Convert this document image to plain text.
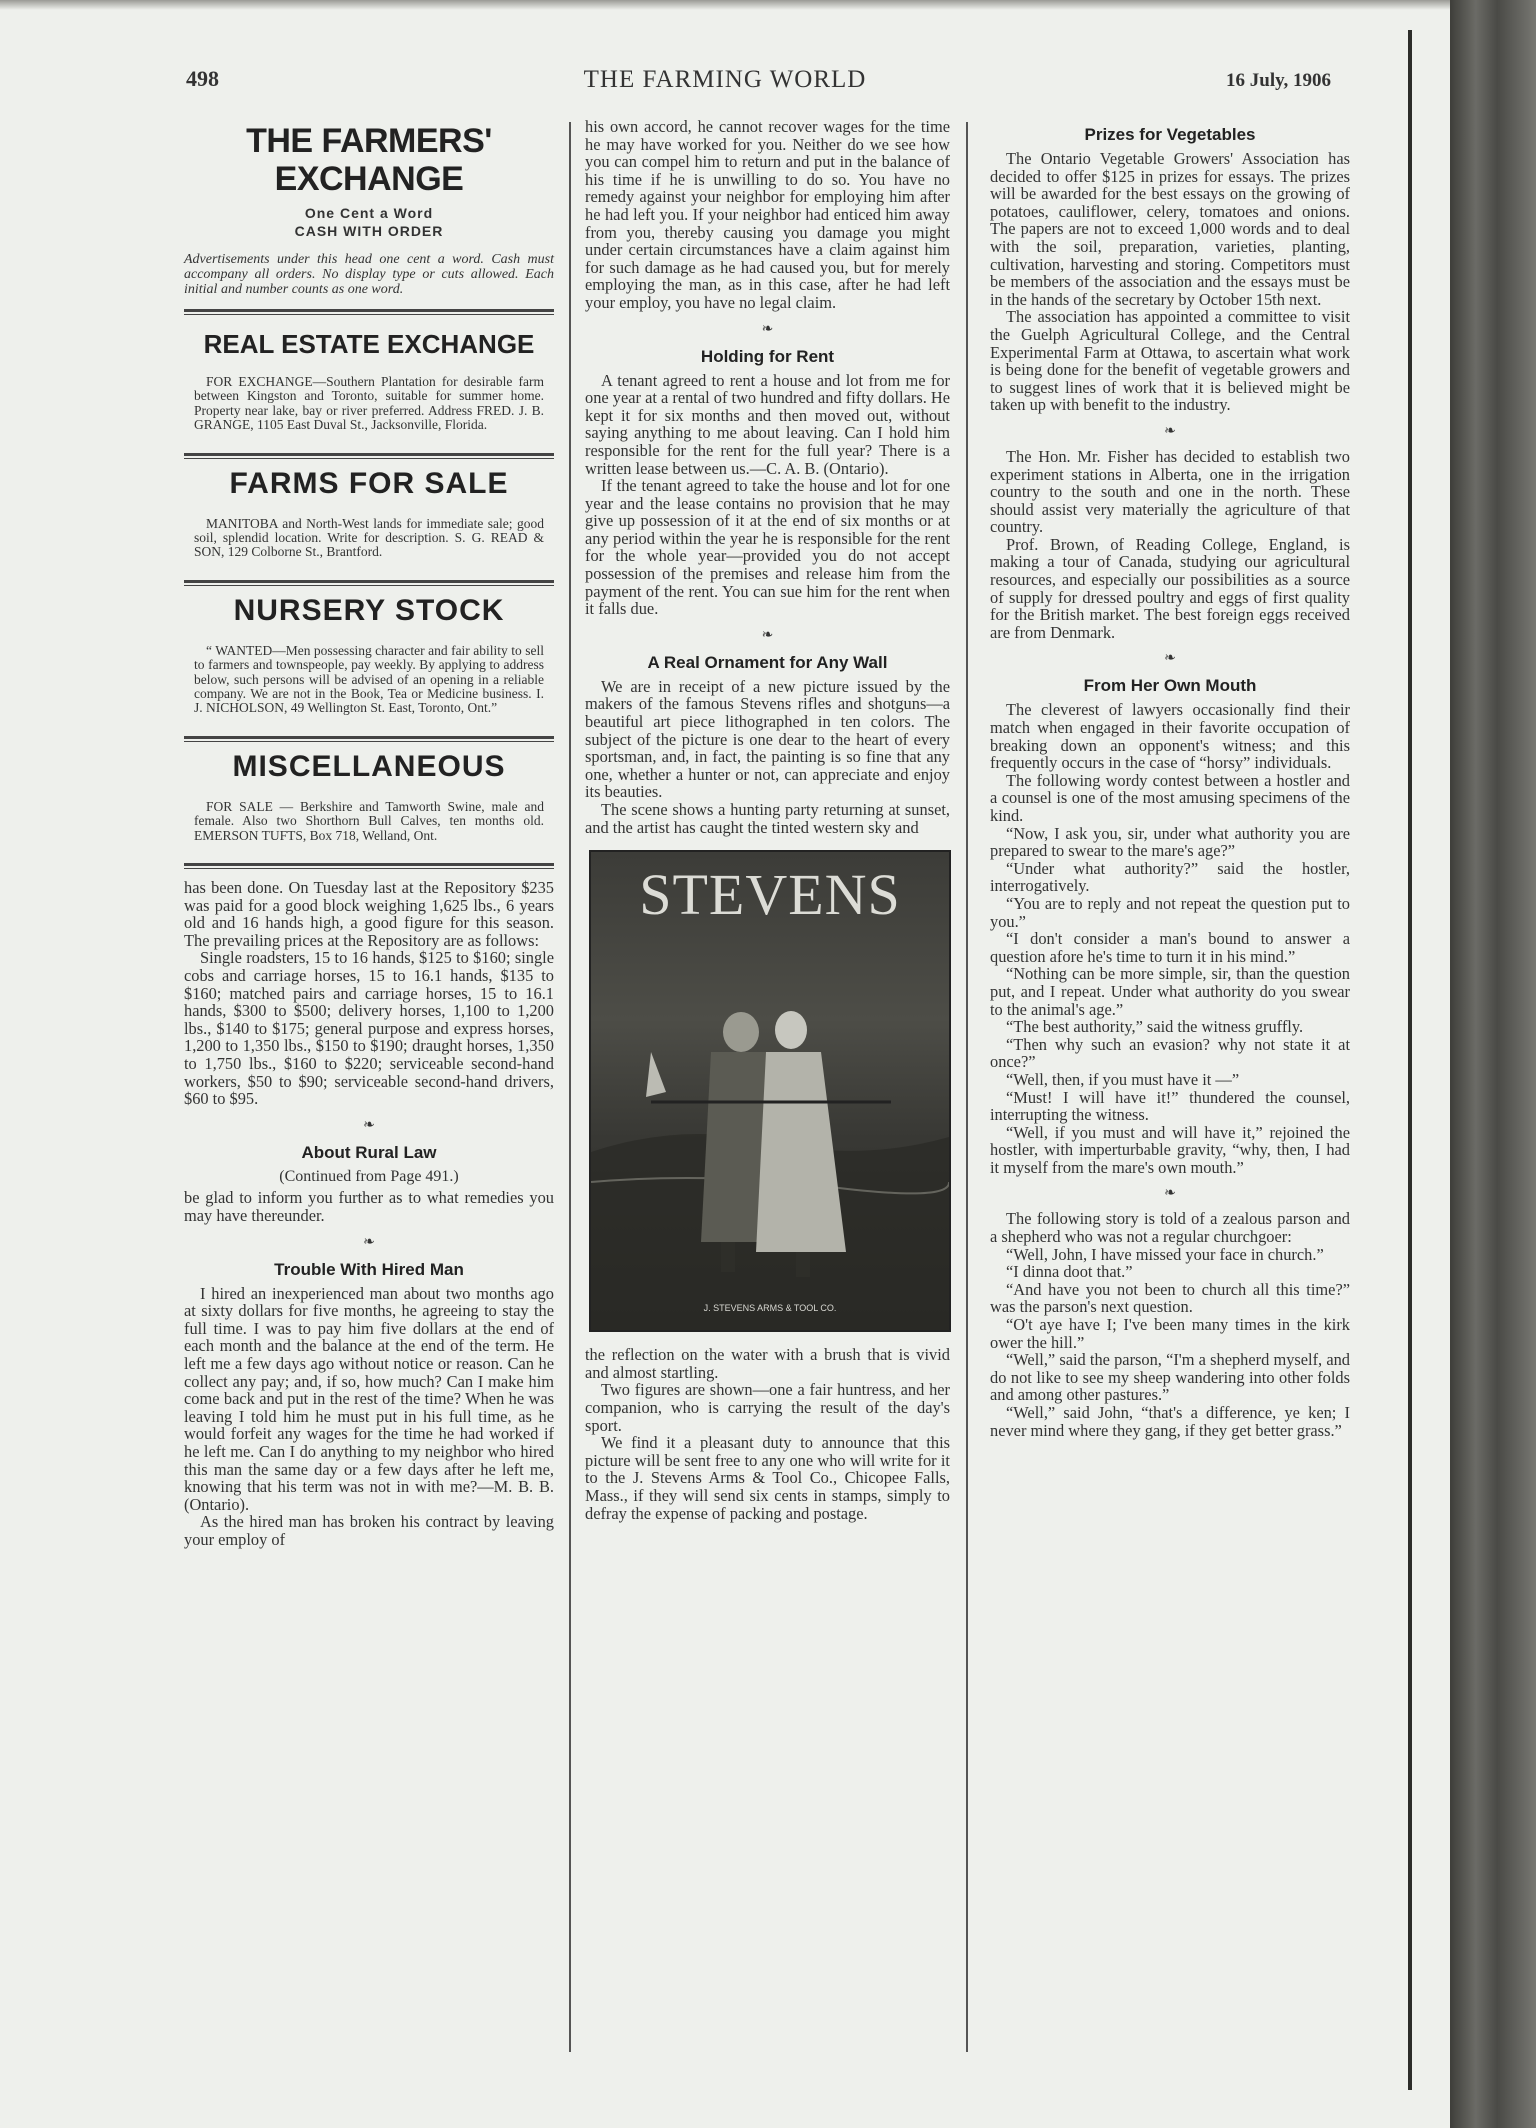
498	THE FARMING WORLD	16 July, 1906
THE FARMERS' EXCHANGE
One Cent a Word
CASH WITH ORDER
Advertisements under this head one cent a word. Cash must accompany all orders. No display type or cuts allowed. Each initial and number counts as one word.
REAL ESTATE EXCHANGE

FOR EXCHANGE—Southern Plantation for desirable farm between Kingston and Toronto, suitable for summer home. Property near lake, bay or river preferred. Address FRED. J. B. GRANGE, 1105 East Duval St., Jacksonville, Florida.

FARMS FOR SALE

MANITOBA and North-West lands for immediate sale; good soil, splendid location. Write for description. S. G. READ & SON, 129 Colborne St., Brantford.

NURSERY STOCK

“ WANTED—Men possessing character and fair ability to sell to farmers and townspeople, pay weekly. By applying to address below, such persons will be advised of an opening in a reliable company. We are not in the Book, Tea or Medicine business. I. J. NICHOLSON, 49 Wellington St. East, Toronto, Ont.”

MISCELLANEOUS

FOR SALE — Berkshire and Tamworth Swine, male and female. Also two Shorthorn Bull Calves, ten months old. EMERSON TUFTS, Box 718, Welland, Ont.

has been done. On Tuesday last at the Repository $235 was paid for a good block weighing 1,625 lbs., 6 years old and 16 hands high, a good figure for this season. The prevailing prices at the Repository are as follows:

Single roadsters, 15 to 16 hands, $125 to $160; single cobs and carriage horses, 15 to 16.1 hands, $135 to $160; matched pairs and carriage horses, 15 to 16.1 hands, $300 to $500; delivery horses, 1,100 to 1,200 lbs., $140 to $175; general purpose and express horses, 1,200 to 1,350 lbs., $150 to $190; draught horses, 1,350 to 1,750 lbs., $160 to $220; serviceable second-hand workers, $50 to $90; serviceable second-hand drivers, $60 to $95.

❧
About Rural Law
(Continued from Page 491.)

be glad to inform you further as to what remedies you may have thereunder.

❧
Trouble With Hired Man

I hired an inexperienced man about two months ago at sixty dollars for five months, he agreeing to stay the full time. I was to pay him five dollars at the end of each month and the balance at the end of the term. He left me a few days ago without notice or reason. Can he collect any pay; and, if so, how much? Can I make him come back and put in the rest of the time? When he was leaving I told him he must put in his full time, as he would forfeit any wages for the time he had worked if he left me. Can I do anything to my neighbor who hired this man the same day or a few days after he left me, knowing that his term was not in with me?—M. B. B. (Ontario).

As the hired man has broken his contract by leaving your employ of

his own accord, he cannot recover wages for the time he may have worked for you. Neither do we see how you can compel him to return and put in the balance of his time if he is unwilling to do so. You have no remedy against your neighbor for employing him after he had left you. If your neighbor had enticed him away from you, thereby causing you damage you might under certain circumstances have a claim against him for such damage as he had caused you, but for merely employing the man, as in this case, after he had left your employ, you have no legal claim.

❧
Holding for Rent

A tenant agreed to rent a house and lot from me for one year at a rental of two hundred and fifty dollars. He kept it for six months and then moved out, without saying anything to me about leaving. Can I hold him responsible for the rent for the full year? There is a written lease between us.—C. A. B. (Ontario).

If the tenant agreed to take the house and lot for one year and the lease contains no provision that he may give up possession of it at the end of six months or at any period within the year he is responsible for the rent for the whole year—provided you do not accept possession of the premises and release him from the payment of the rent. You can sue him for the rent when it falls due.

❧
A Real Ornament for Any Wall

We are in receipt of a new picture issued by the makers of the famous Stevens rifles and shotguns—a beautiful art piece lithographed in ten colors. The subject of the picture is one dear to the heart of every sportsman, and, in fact, the painting is so fine that any one, whether a hunter or not, can appreciate and enjoy its beauties.

The scene shows a hunting party returning at sunset, and the artist has caught the tinted western sky and

STEVENS
J. STEVENS ARMS & TOOL CO.

the reflection on the water with a brush that is vivid and almost startling.

Two figures are shown—one a fair huntress, and her companion, who is carrying the result of the day's sport.

We find it a pleasant duty to announce that this picture will be sent free to any one who will write for it to the J. Stevens Arms & Tool Co., Chicopee Falls, Mass., if they will send six cents in stamps, simply to defray the expense of packing and postage.

Prizes for Vegetables

The Ontario Vegetable Growers' Association has decided to offer $125 in prizes for essays. The prizes will be awarded for the best essays on the growing of potatoes, cauliflower, celery, tomatoes and onions. The papers are not to exceed 1,000 words and to deal with the soil, preparation, varieties, planting, cultivation, harvesting and storing. Competitors must be members of the association and the essays must be in the hands of the secretary by October 15th next.

The association has appointed a committee to visit the Guelph Agricultural College, and the Central Experimental Farm at Ottawa, to ascertain what work is being done for the benefit of vegetable growers and to suggest lines of work that it is believed might be taken up with benefit to the industry.

❧

The Hon. Mr. Fisher has decided to establish two experiment stations in Alberta, one in the irrigation country to the south and one in the north. These should assist very materially the agriculture of that country.

Prof. Brown, of Reading College, England, is making a tour of Canada, studying our agricultural resources, and especially our possibilities as a source of supply for dressed poultry and eggs of first quality for the British market. The best foreign eggs received are from Denmark.

❧
From Her Own Mouth

The cleverest of lawyers occasionally find their match when engaged in their favorite occupation of breaking down an opponent's witness; and this frequently occurs in the case of “horsy” individuals.

The following wordy contest between a hostler and a counsel is one of the most amusing specimens of the kind.

“Now, I ask you, sir, under what authority you are prepared to swear to the mare's age?”

“Under what authority?” said the hostler, interrogatively.

“You are to reply and not repeat the question put to you.”

“I don't consider a man's bound to answer a question afore he's time to turn it in his mind.”

“Nothing can be more simple, sir, than the question put, and I repeat. Under what authority do you swear to the animal's age.”

“The best authority,” said the witness gruffly.

“Then why such an evasion? why not state it at once?”

“Well, then, if you must have it —”

“Must! I will have it!” thundered the counsel, interrupting the witness.

“Well, if you must and will have it,” rejoined the hostler, with imperturbable gravity, “why, then, I had it myself from the mare's own mouth.”

❧

The following story is told of a zealous parson and a shepherd who was not a regular churchgoer:

“Well, John, I have missed your face in church.”

“I dinna doot that.”

“And have you not been to church all this time?” was the parson's next question.

“O't aye have I; I've been many times in the kirk ower the hill.”

“Well,” said the parson, “I'm a shepherd myself, and do not like to see my sheep wandering into other folds and among other pastures.”

“Well,” said John, “that's a difference, ye ken; I never mind where they gang, if they get better grass.”
